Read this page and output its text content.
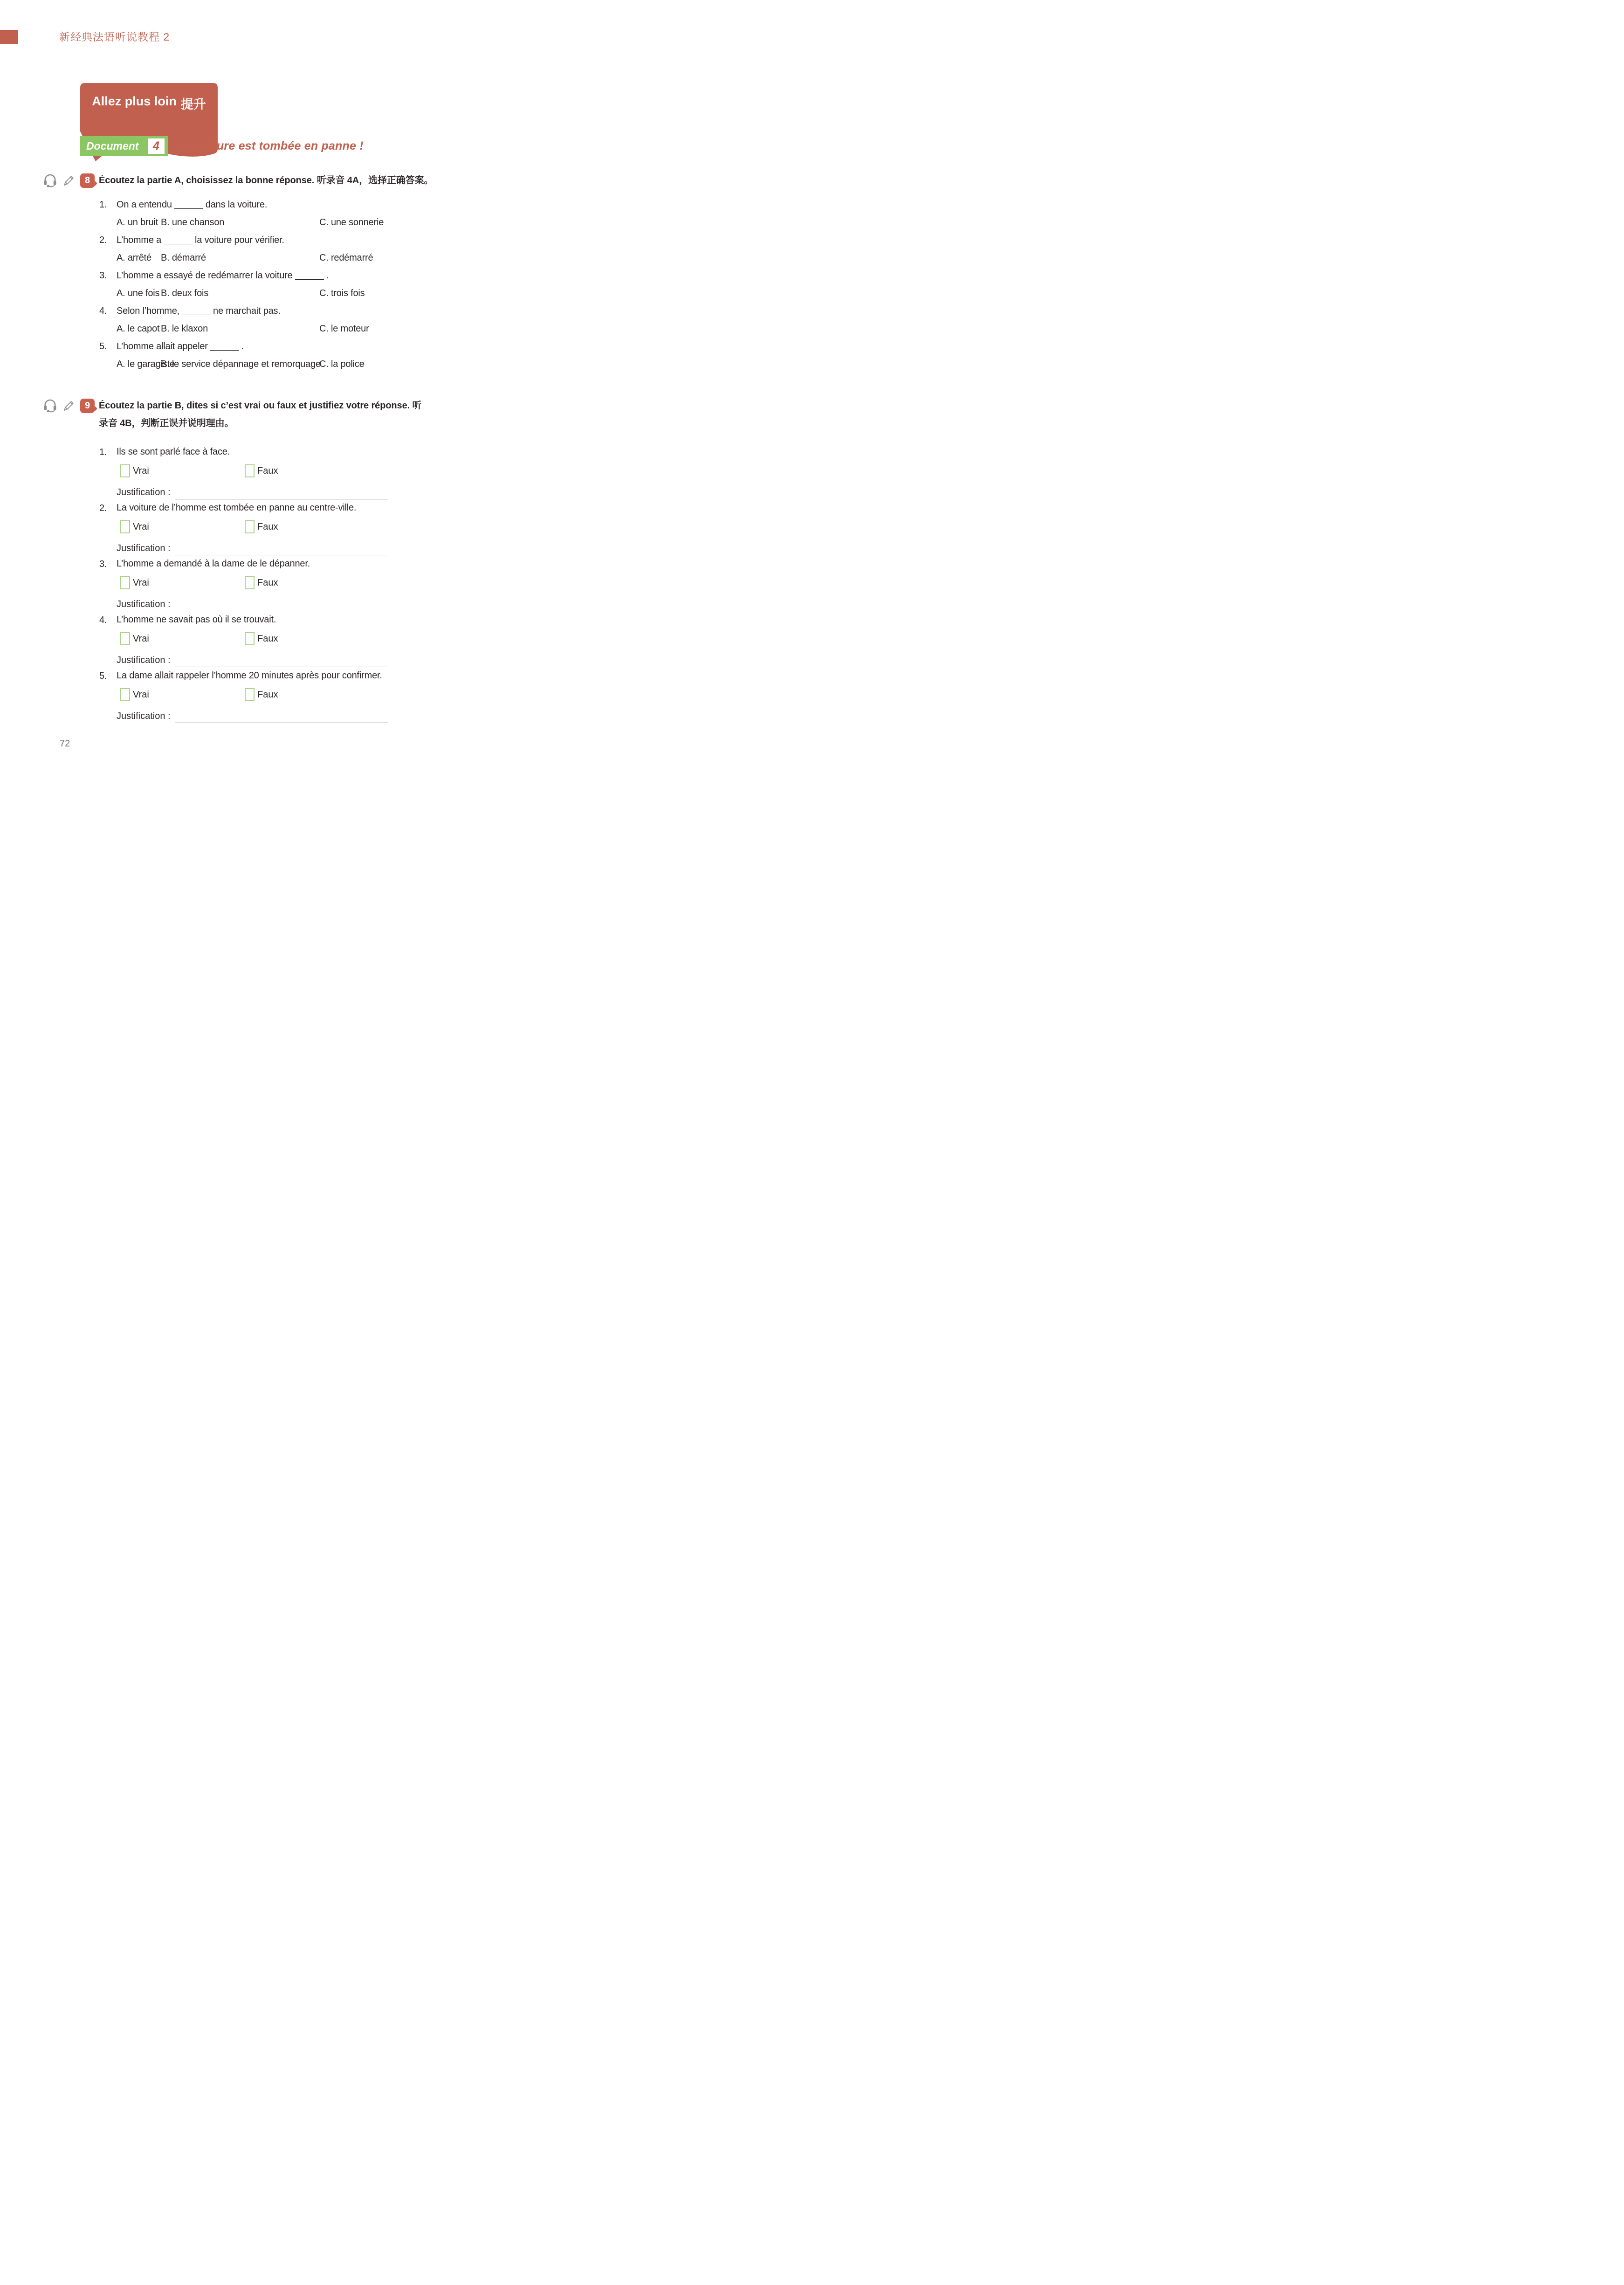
新经典法语听说教程 2
Allez plus loin 提升
Document 4 La voiture est tombée en panne !
8 Écoutez la partie A, choisissez la bonne réponse. 听录音 4A，选择正确答案。
1.	On a entendu	dans la voiture.
A. un bruit B. une chanson	C. une sonnerie
2.	L’homme a	la voiture pour vérifier.
A. arrêté	B. démarré	C. redémarré
3.	L’homme a essayé de redémarrer la voiture	.
A. une fois B. deux fois	C. trois fois
4.	Selon l’homme,	ne marchait pas.
A. le capot B. le klaxon	C. le moteur
5.	L’homme allait appeler	.
A. le garagiste
B. le service dépannage et remorquage
C. la police
9 Écoutez la partie B, dites si c’est vrai ou faux et justifiez votre réponse. 听
录音 4B，判断正误并说明理由。
1.	Ils se sont parlé face à face.
Vrai	Faux
Justification :
2.	La voiture de l’homme est tombée en panne au centre-ville.
Vrai	Faux
Justification :
3.	L’homme a demandé à la dame de le dépanner.
Vrai	Faux
Justification :
4.	L’homme ne savait pas où il se trouvait.
Vrai	Faux
Justification :
5.	La dame allait rappeler l’homme 20 minutes après pour confirmer.
Vrai	Faux
Justification :
72
